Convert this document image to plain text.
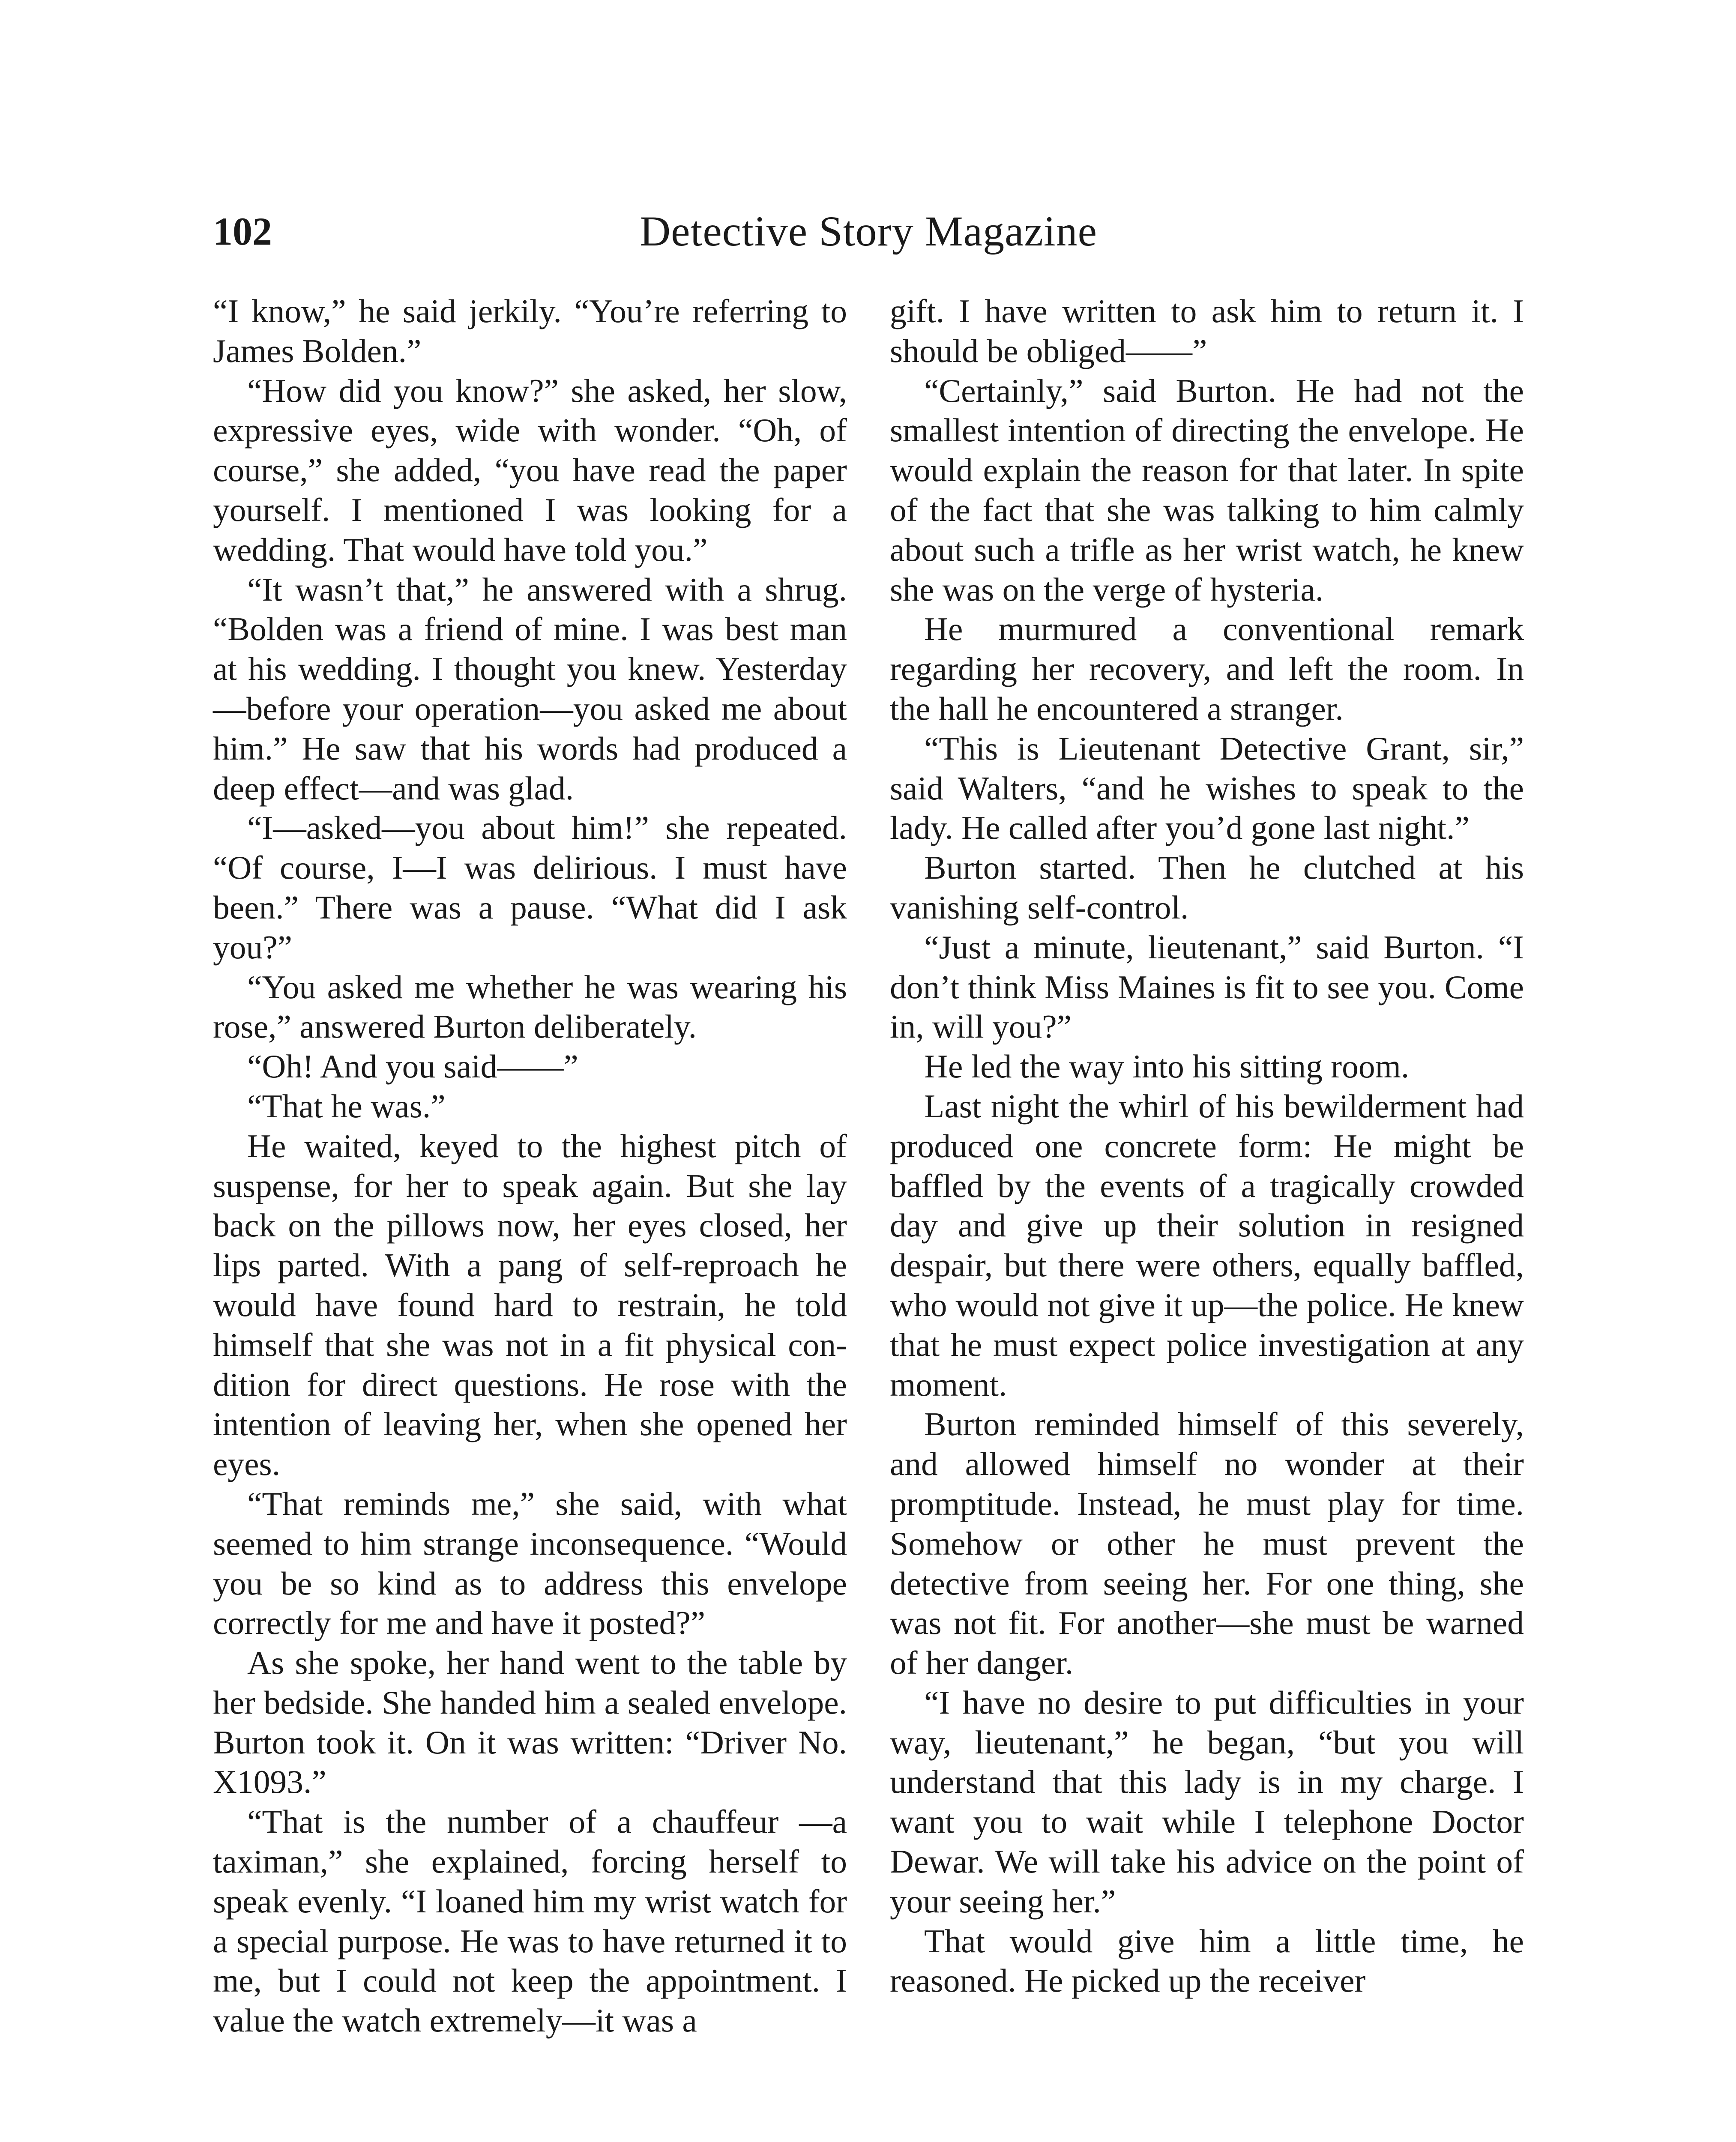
102	Detective Story Magazine

“I know,” he said jerkily. “You’re referring to James Bolden.”

“How did you know?” she asked, her slow, expressive eyes, wide with wonder. “Oh, of course,” she added, “you have read the paper yourself. I mentioned I was looking for a wedding. That would have told you.”

“It wasn’t that,” he answered with a shrug. “Bolden was a friend of mine. I was best man at his wedding. I thought you knew. Yesterday—before your operation—you asked me about him.” He saw that his words had produced a deep effect—and was glad.

“I—asked—you about him!” she repeated. “Of course, I—I was delirious. I must have been.” There was a pause. “What did I ask you?”

“You asked me whether he was wearing his rose,” answered Burton deliberately.

“Oh! And you said——”

“That he was.”

He waited, keyed to the highest pitch of suspense, for her to speak again. But she lay back on the pillows now, her eyes closed, her lips parted. With a pang of self-reproach he would have found hard to restrain, he told himself that she was not in a fit physical condition for direct questions. He rose with the intention of leaving her, when she opened her eyes.

“That reminds me,” she said, with what seemed to him strange inconsequence. “Would you be so kind as to address this envelope correctly for me and have it posted?”

As she spoke, her hand went to the table by her bedside. She handed him a sealed envelope. Burton took it. On it was written: “Driver No. X1093.”

“That is the number of a chauffeur —a taximan,” she explained, forcing herself to speak evenly. “I loaned him my wrist watch for a special purpose. He was to have returned it to me, but I could not keep the appointment. I value the watch extremely—it was a

gift. I have written to ask him to return it. I should be obliged——”

“Certainly,” said Burton. He had not the smallest intention of directing the envelope. He would explain the reason for that later. In spite of the fact that she was talking to him calmly about such a trifle as her wrist watch, he knew she was on the verge of hysteria.

He murmured a conventional remark regarding her recovery, and left the room. In the hall he encountered a stranger.

“This is Lieutenant Detective Grant, sir,” said Walters, “and he wishes to speak to the lady. He called after you’d gone last night.”

Burton started. Then he clutched at his vanishing self-control.

“Just a minute, lieutenant,” said Burton. “I don’t think Miss Maines is fit to see you. Come in, will you?”

He led the way into his sitting room.

Last night the whirl of his bewilderment had produced one concrete form: He might be baffled by the events of a tragically crowded day and give up their solution in resigned despair, but there were others, equally baffled, who would not give it up—the police. He knew that he must expect police investigation at any moment.

Burton reminded himself of this severely, and allowed himself no wonder at their promptitude. Instead, he must play for time. Somehow or other he must prevent the detective from seeing her. For one thing, she was not fit. For another—she must be warned of her danger.

“I have no desire to put difficulties in your way, lieutenant,” he began, “but you will understand that this lady is in my charge. I want you to wait while I telephone Doctor Dewar. We will take his advice on the point of your seeing her.”

That would give him a little time, he reasoned. He picked up the receiver
